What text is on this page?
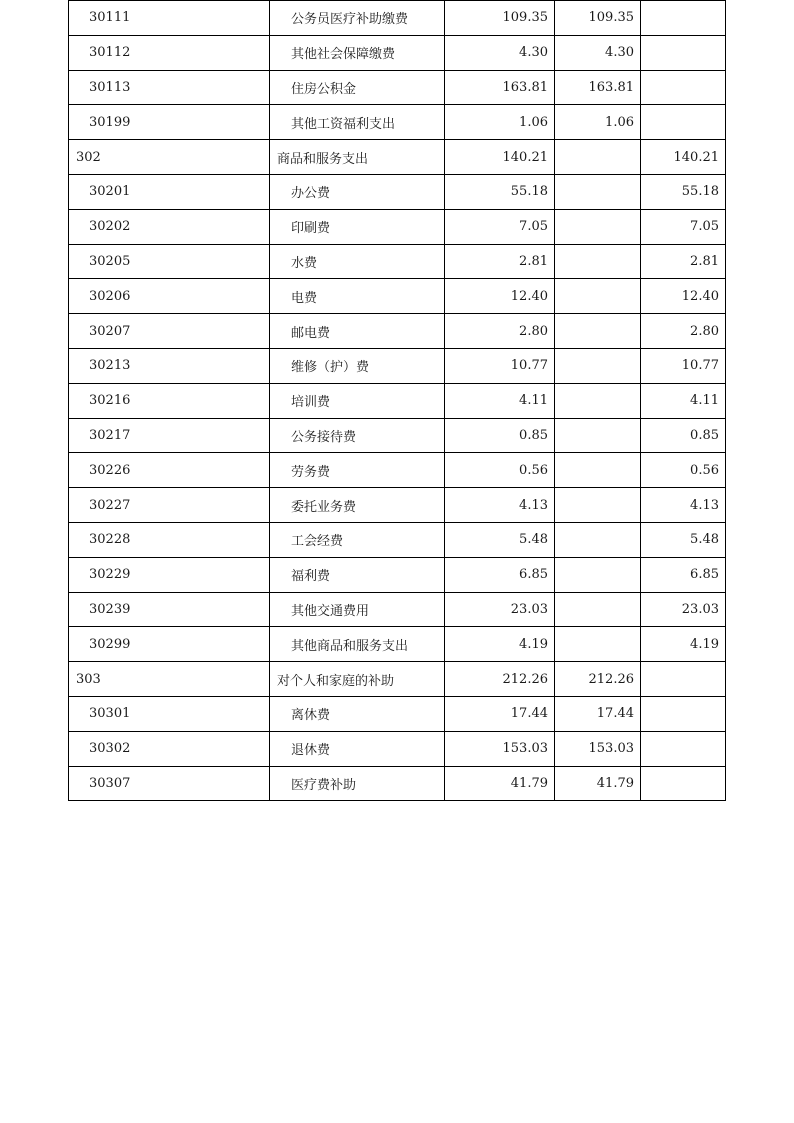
30111	公务员医疗补助缴费	109.35	109.35	
30112	其他社会保障缴费	4.30	4.30	
30113	住房公积金	163.81	163.81	
30199	其他工资福利支出	1.06	1.06	
302	商品和服务支出	140.21		140.21
30201	办公费	55.18		55.18
30202	印刷费	7.05		7.05
30205	水费	2.81		2.81
30206	电费	12.40		12.40
30207	邮电费	2.80		2.80
30213	维修（护）费	10.77		10.77
30216	培训费	4.11		4.11
30217	公务接待费	0.85		0.85
30226	劳务费	0.56		0.56
30227	委托业务费	4.13		4.13
30228	工会经费	5.48		5.48
30229	福利费	6.85		6.85
30239	其他交通费用	23.03		23.03
30299	其他商品和服务支出	4.19		4.19
303	对个人和家庭的补助	212.26	212.26	
30301	离休费	17.44	17.44	
30302	退休费	153.03	153.03	
30307	医疗费补助	41.79	41.79	
